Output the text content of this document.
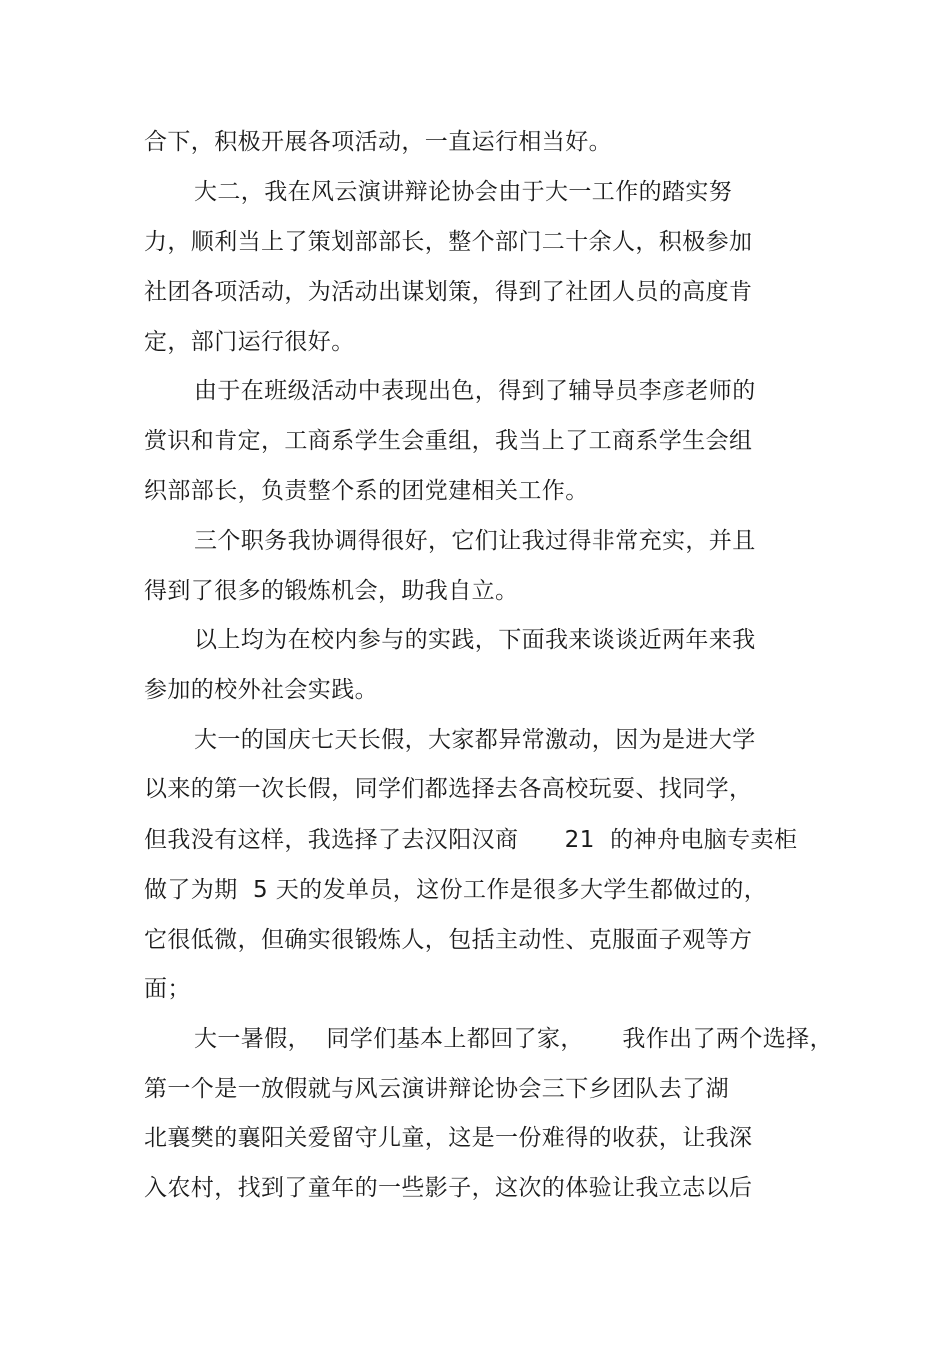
合下，积极开展各项活动，一直运行相当好。
大二，我在风云演讲辩论协会由于大一工作的踏实努
力，顺利当上了策划部部长，整个部门二十余人，积极参加
社团各项活动，为活动出谋划策，得到了社团人员的高度肯
定，部门运行很好。
由于在班级活动中表现出色，得到了辅导员李彦老师的
赏识和肯定，工商系学生会重组，我当上了工商系学生会组
织部部长，负责整个系的团党建相关工作。
三个职务我协调得很好，它们让我过得非常充实，并且
得到了很多的锻炼机会，助我自立。
以上均为在校内参与的实践，下面我来谈谈近两年来我
参加的校外社会实践。
大一的国庆七天长假，大家都异常激动，因为是进大学
以来的第一次长假，同学们都选择去各高校玩耍、找同学，
但我没有这样，我选择了去汉阳汉商      21  的神舟电脑专卖柜
做了为期  5 天的发单员，这份工作是很多大学生都做过的，
它很低微，但确实很锻炼人，包括主动性、克服面子观等方
面；
大一暑假，  同学们基本上都回了家，     我作出了两个选择，
第一个是一放假就与风云演讲辩论协会三下乡团队去了湖
北襄樊的襄阳关爱留守儿童，这是一份难得的收获，让我深
入农村，找到了童年的一些影子，这次的体验让我立志以后
